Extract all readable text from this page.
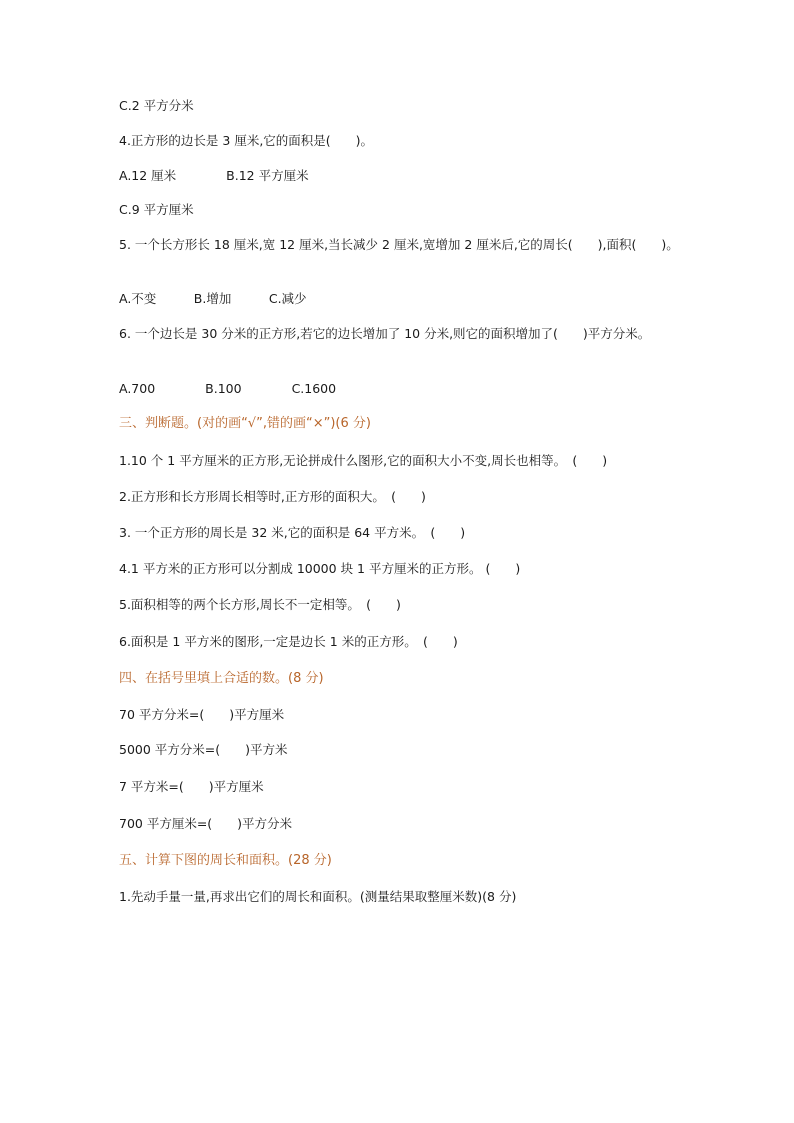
C.2 平方分米
4.正方形的边长是 3 厘米,它的面积是(　　)。
A.12 厘米　　　　B.12 平方厘米
C.9 平方厘米
5. 一个长方形长 18 厘米,宽 12 厘米,当长减少 2 厘米,宽增加 2 厘米后,它的周长(　　),面积(　　)。
A.不变　　　B.增加　　　C.减少
6. 一个边长是 30 分米的正方形,若它的边长增加了 10 分米,则它的面积增加了(　　)平方分米。
A.700　　　　B.100　　　　C.1600
三、判断题。(对的画“√”,错的画“×”)(6 分)
1.10 个 1 平方厘米的正方形,无论拼成什么图形,它的面积大小不变,周长也相等。　(　　)
2.正方形和长方形周长相等时,正方形的面积大。　(　　)
3. 一个正方形的周长是 32 米,它的面积是 64 平方米。　(　　)
4.1 平方米的正方形可以分割成 10000 块 1 平方厘米的正方形。 (　　)
5.面积相等的两个长方形,周长不一定相等。　(　　)
6.面积是 1 平方米的图形,一定是边长 1 米的正方形。　(　　)
四、在括号里填上合适的数。(8 分)
70 平方分米=(　　)平方厘米
5000 平方分米=(　　)平方米
7 平方米=(　　)平方厘米
700 平方厘米=(　　)平方分米
五、计算下图的周长和面积。(28 分)
1.先动手量一量,再求出它们的周长和面积。(测量结果取整厘米数)(8 分)
